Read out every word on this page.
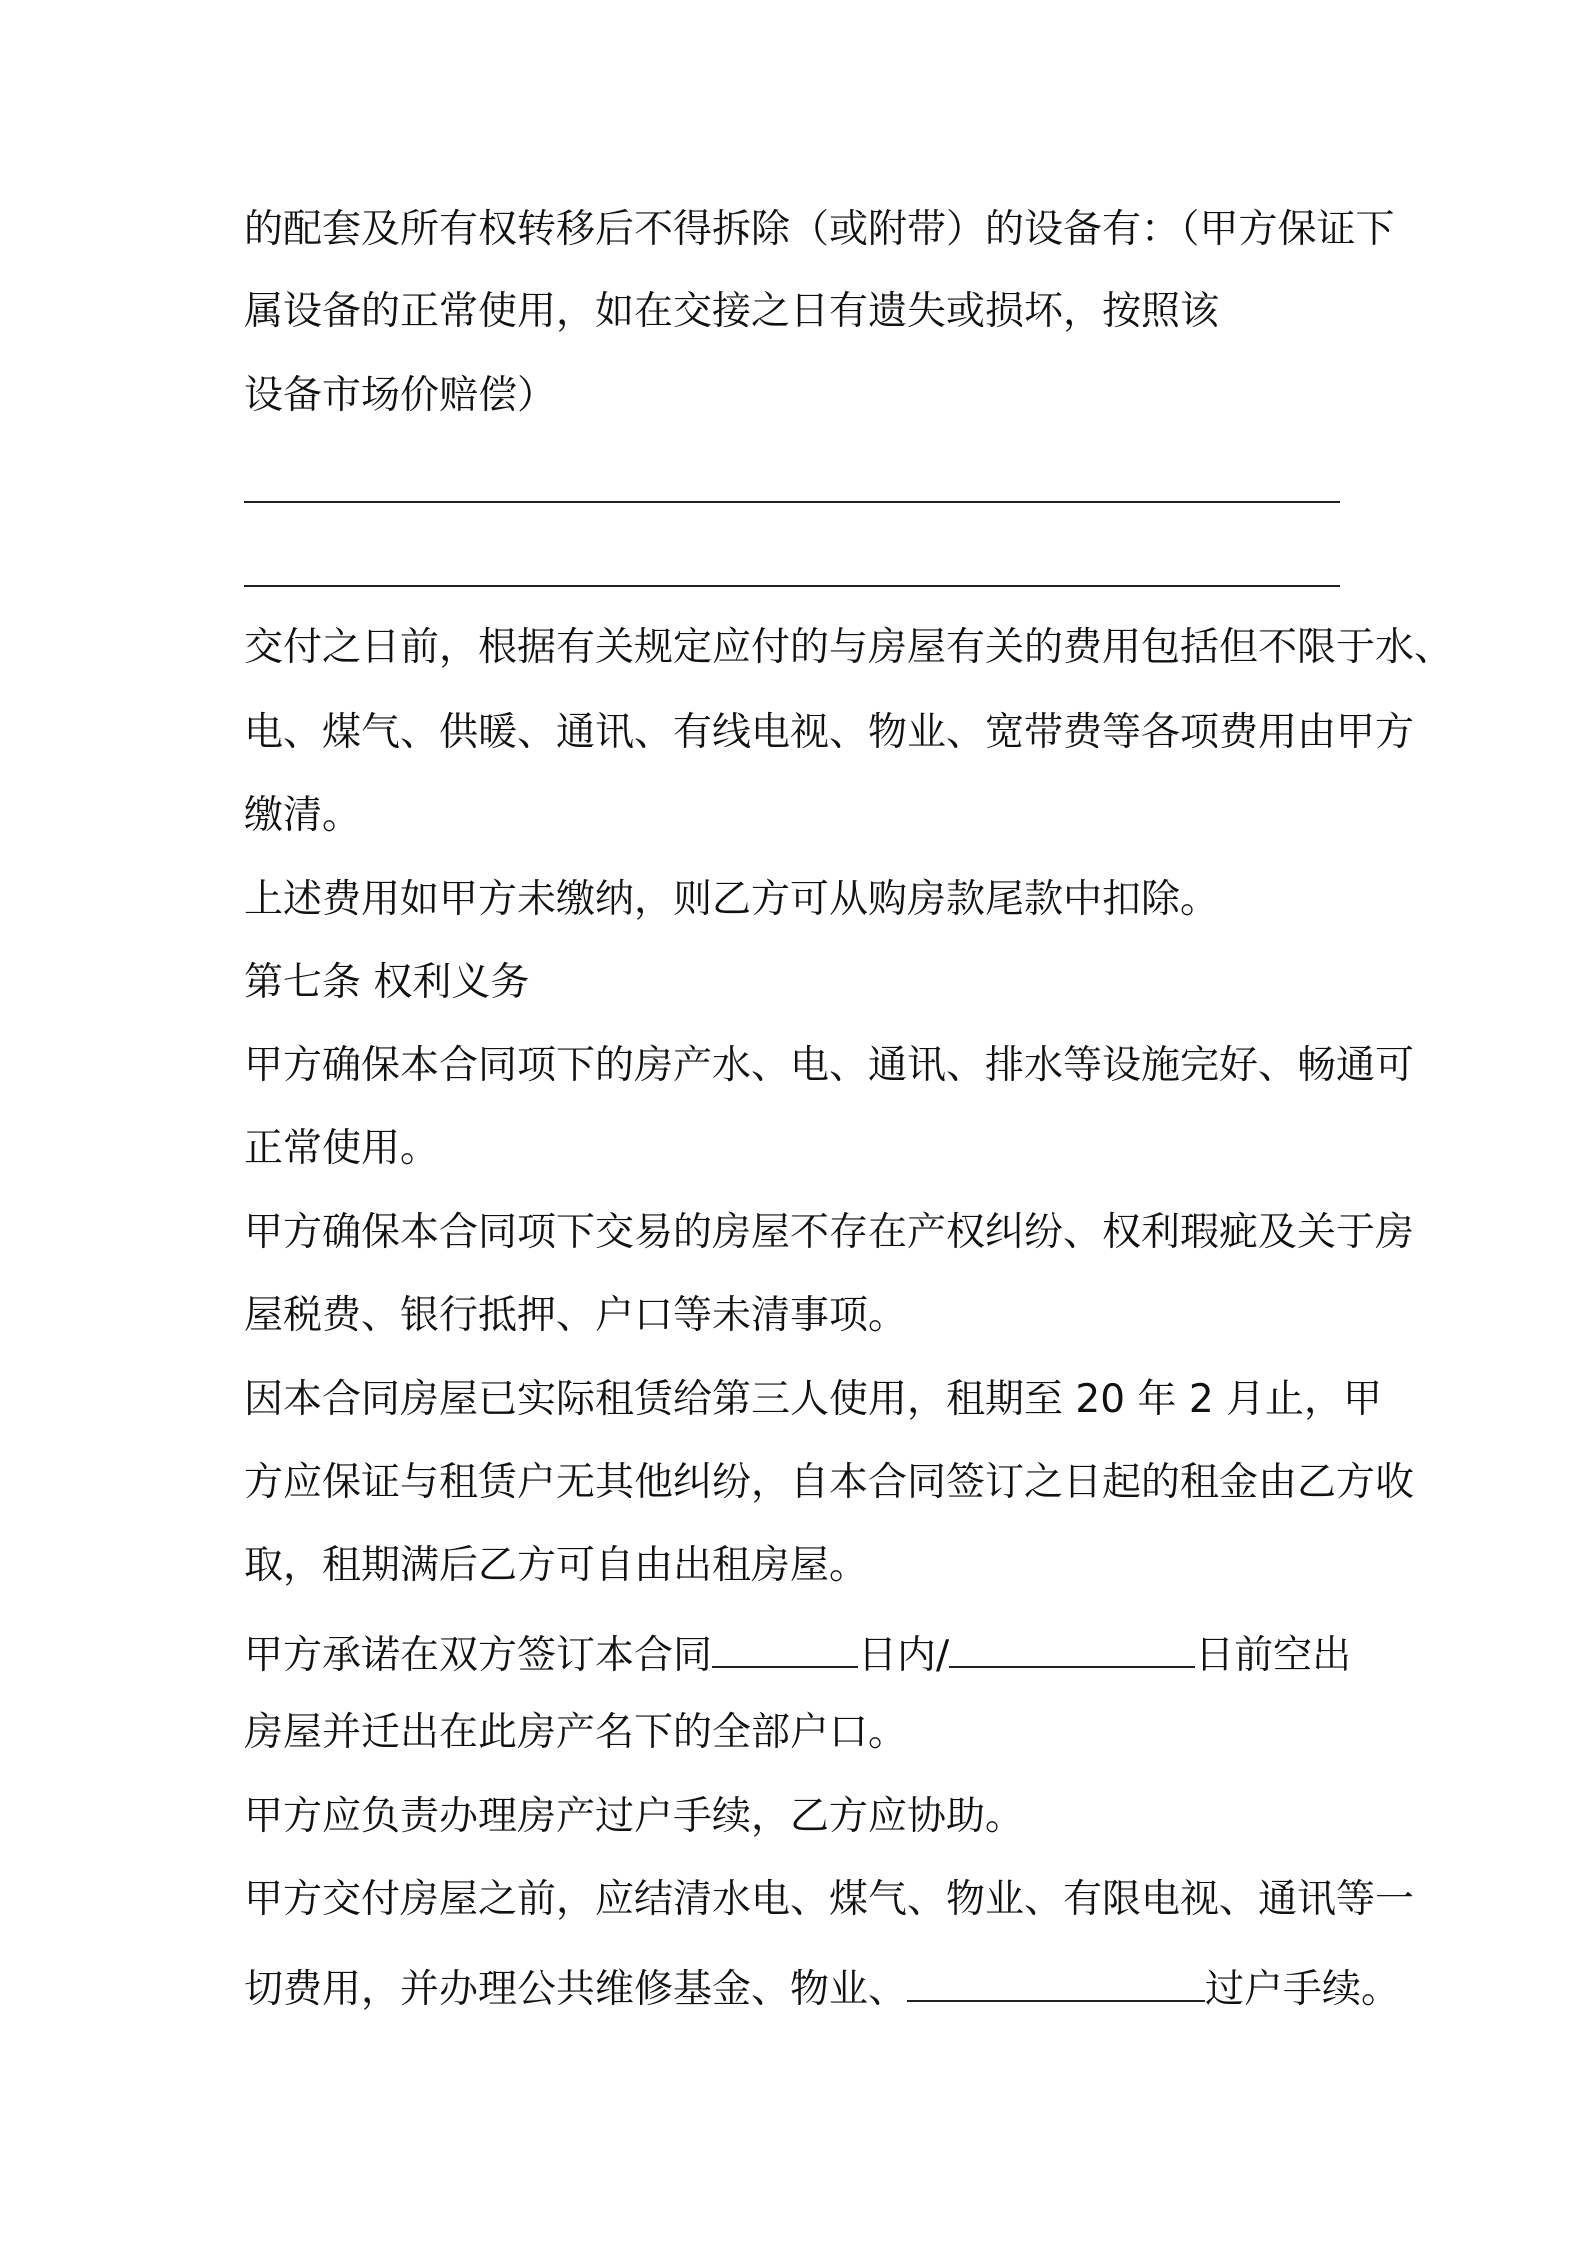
的配套及所有权转移后不得拆除（或附带）的设备有：（甲方保证下
属设备的正常使用，如在交接之日有遗失或损坏，按照该
设备市场价赔偿）
交付之日前，根据有关规定应付的与房屋有关的费用包括但不限于水、
电、煤气、供暖、通讯、有线电视、物业、宽带费等各项费用由甲方
缴清。
上述费用如甲方未缴纳，则乙方可从购房款尾款中扣除。
第七条 权利义务
甲方确保本合同项下的房产水、电、通讯、排水等设施完好、畅通可
正常使用。
甲方确保本合同项下交易的房屋不存在产权纠纷、权利瑕疵及关于房
屋税费、银行抵押、户口等未清事项。
因本合同房屋已实际租赁给第三人使用，租期至 20 年 2 月止，甲
方应保证与租赁户无其他纠纷，自本合同签订之日起的租金由乙方收
取，租期满后乙方可自由出租房屋。
甲方承诺在双方签订本合同	日内/	日前空出
房屋并迁出在此房产名下的全部户口。
甲方应负责办理房产过户手续，乙方应协助。
甲方交付房屋之前，应结清水电、煤气、物业、有限电视、通讯等一
切费用，并办理公共维修基金、物业、	过户手续。
